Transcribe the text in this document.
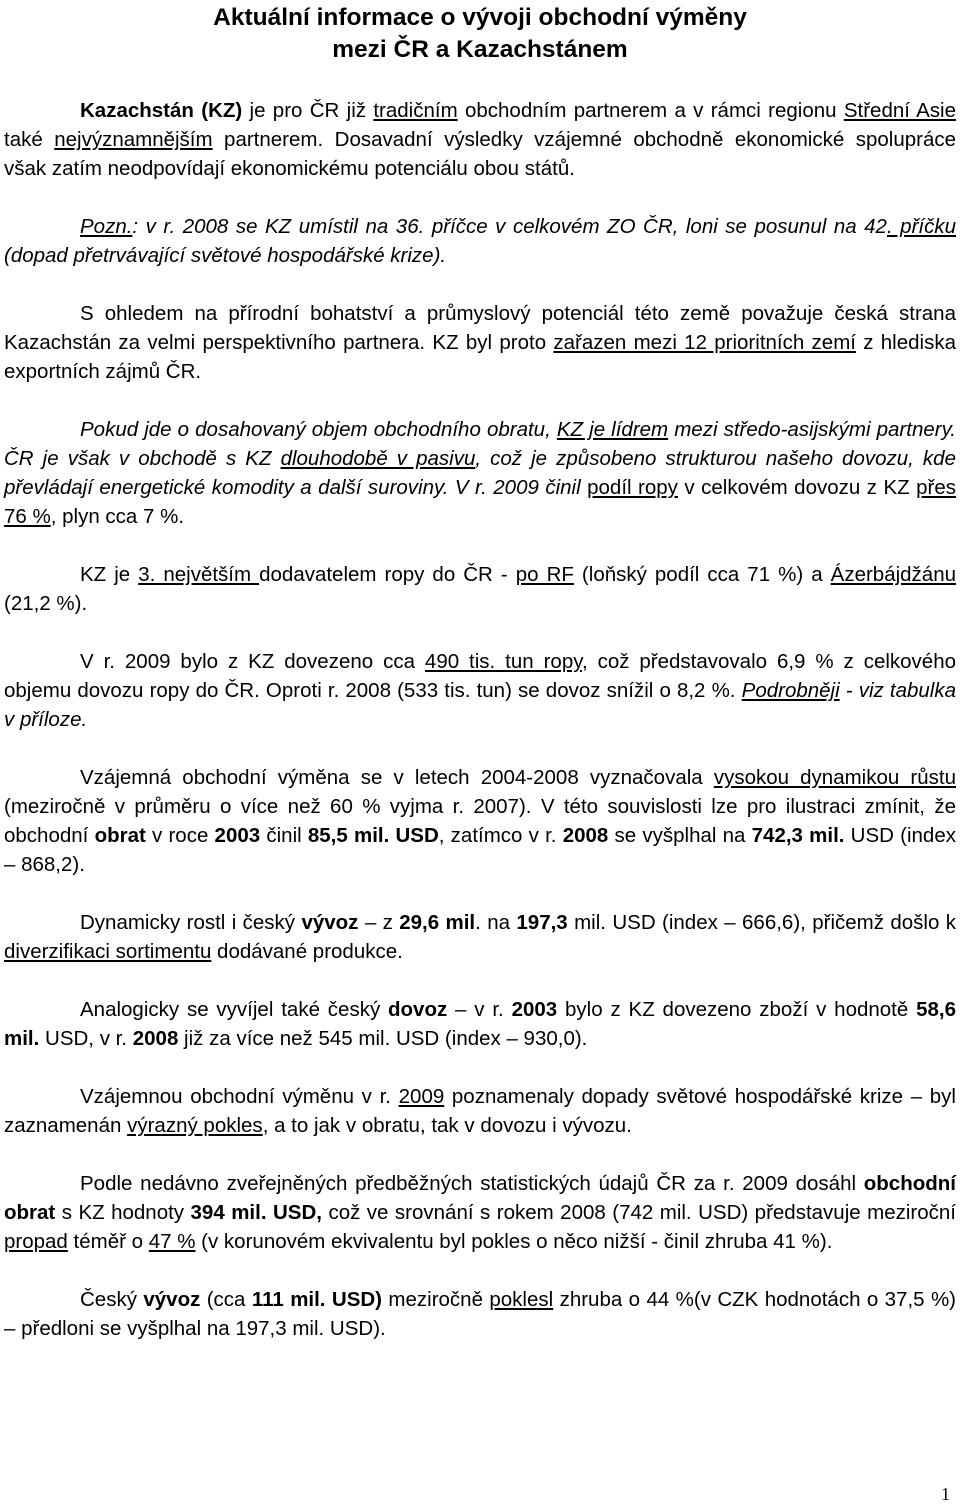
Aktuální informace o vývoji obchodní výměny
mezi ČR a Kazachstánem

Kazachstán (KZ) je pro ČR již tradičním obchodním partnerem a v rámci regionu Střední Asie také nejvýznamnějším partnerem. Dosavadní výsledky vzájemné obchodně ekonomické spolupráce však zatím neodpovídají ekonomickému potenciálu obou států.

Pozn.: v r. 2008 se KZ umístil na 36. příčce v celkovém ZO ČR, loni se posunul na 42. příčku (dopad přetrvávající světové hospodářské krize).

S ohledem na přírodní bohatství a průmyslový potenciál této země považuje česká strana Kazachstán za velmi perspektivního partnera. KZ byl proto zařazen mezi 12 prioritních zemí z hlediska exportních zájmů ČR.

Pokud jde o dosahovaný objem obchodního obratu, KZ je lídrem mezi středo-asijskými partnery. ČR je však v obchodě s KZ dlouhodobě v pasivu, což je způsobeno strukturou našeho dovozu, kde převládají energetické komodity a další suroviny. V r. 2009 činil podíl ropy v celkovém dovozu z KZ přes 76 %, plyn cca 7 %.

KZ je 3. největším dodavatelem ropy do ČR - po RF (loňský podíl cca 71 %) a Ázerbájdžánu (21,2 %).

V r. 2009 bylo z KZ dovezeno cca 490 tis. tun ropy, což představovalo 6,9 % z celkového objemu dovozu ropy do ČR. Oproti r. 2008 (533 tis. tun) se dovoz snížil o 8,2 %. Podrobněji - viz tabulka v příloze.

Vzájemná obchodní výměna se v letech 2004-2008 vyznačovala vysokou dynamikou růstu (meziročně v průměru o více než 60 % vyjma r. 2007). V této souvislosti lze pro ilustraci zmínit, že obchodní obrat v roce 2003 činil 85,5 mil. USD, zatímco v r. 2008 se vyšplhal na 742,3 mil. USD (index – 868,2).

Dynamicky rostl i český vývoz – z 29,6 mil. na 197,3 mil. USD (index – 666,6), přičemž došlo k diverzifikaci sortimentu dodávané produkce.

Analogicky se vyvíjel také český dovoz – v r. 2003 bylo z KZ dovezeno zboží v hodnotě 58,6 mil. USD, v r. 2008 již za více než 545 mil. USD (index – 930,0).

Vzájemnou obchodní výměnu v r. 2009 poznamenaly dopady světové hospodářské krize – byl zaznamenán výrazný pokles, a to jak v obratu, tak v dovozu i vývozu.

Podle nedávno zveřejněných předběžných statistických údajů ČR za r. 2009 dosáhl obchodní obrat s KZ hodnoty 394 mil. USD, což ve srovnání s rokem 2008 (742 mil. USD) představuje meziroční propad téměř o 47 % (v korunovém ekvivalentu byl pokles o něco nižší - činil zhruba 41 %).

Český vývoz (cca 111 mil. USD) meziročně poklesl zhruba o 44 %(v CZK hodnotách o 37,5 %) – předloni se vyšplhal na 197,3 mil. USD).

1
